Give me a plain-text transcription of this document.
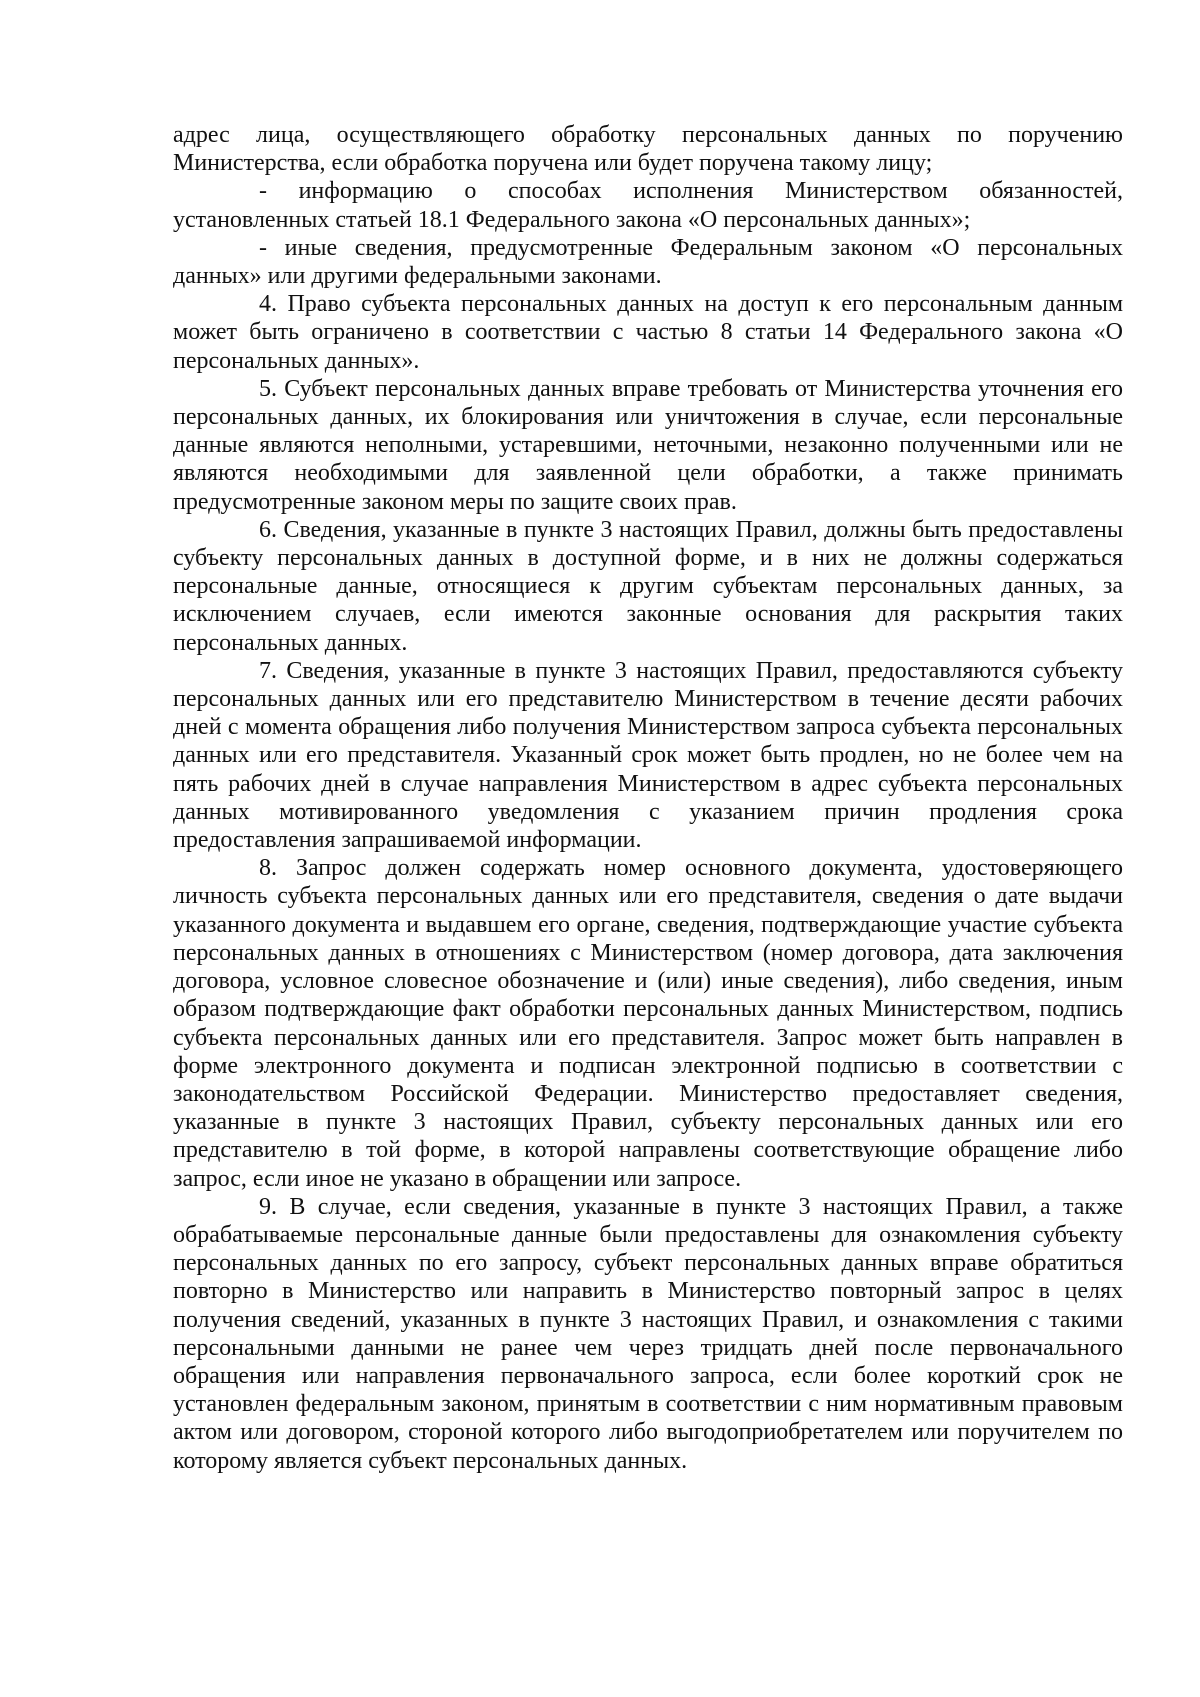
адрес лица, осуществляющего обработку персональных данных по поручению Министерства, если обработка поручена или будет поручена такому лицу;

- информацию о способах исполнения Министерством обязанностей, установленных статьей 18.1 Федерального закона «О персональных данных»;

- иные сведения, предусмотренные Федеральным законом «О персональных данных» или другими федеральными законами.

4. Право субъекта персональных данных на доступ к его персональным данным может быть ограничено в соответствии с частью 8 статьи 14 Федерального закона «О персональных данных».

5. Субъект персональных данных вправе требовать от Министерства уточнения его персональных данных, их блокирования или уничтожения в случае, если персональные данные являются неполными, устаревшими, неточными, незаконно полученными или не являются необходимыми для заявленной цели обработки, а также принимать предусмотренные законом меры по защите своих прав.

6. Сведения, указанные в пункте 3 настоящих Правил, должны быть предоставлены субъекту персональных данных в доступной форме, и в них не должны содержаться персональные данные, относящиеся к другим субъектам персональных данных, за исключением случаев, если имеются законные основания для раскрытия таких персональных данных.

7. Сведения, указанные в пункте 3 настоящих Правил, предоставляются субъекту персональных данных или его представителю Министерством в течение десяти рабочих дней с момента обращения либо получения Министерством запроса субъекта персональных данных или его представителя. Указанный срок может быть продлен, но не более чем на пять рабочих дней в случае направления Министерством в адрес субъекта персональных данных мотивированного уведомления с указанием причин продления срока предоставления запрашиваемой информации.

8. Запрос должен содержать номер основного документа, удостоверяющего личность субъекта персональных данных или его представителя, сведения о дате выдачи указанного документа и выдавшем его органе, сведения, подтверждающие участие субъекта персональных данных в отношениях с Министерством (номер договора, дата заключения договора, условное словесное обозначение и (или) иные сведения), либо сведения, иным образом подтверждающие факт обработки персональных данных Министерством, подпись субъекта персональных данных или его представителя. Запрос может быть направлен в форме электронного документа и подписан электронной подписью в соответствии с законодательством Российской Федерации. Министерство предоставляет сведения, указанные в пункте 3 настоящих Правил, субъекту персональных данных или его представителю в той форме, в которой направлены соответствующие обращение либо запрос, если иное не указано в обращении или запросе.

9. В случае, если сведения, указанные в пункте 3 настоящих Правил, а также обрабатываемые персональные данные были предоставлены для ознакомления субъекту персональных данных по его запросу, субъект персональных данных вправе обратиться повторно в Министерство или направить в Министерство повторный запрос в целях получения сведений, указанных в пункте 3 настоящих Правил, и ознакомления с такими персональными данными не ранее чем через тридцать дней после первоначального обращения или направления первоначального запроса, если более короткий срок не установлен федеральным законом, принятым в соответствии с ним нормативным правовым актом или договором, стороной которого либо выгодоприобретателем или поручителем по которому является субъект персональных данных.
